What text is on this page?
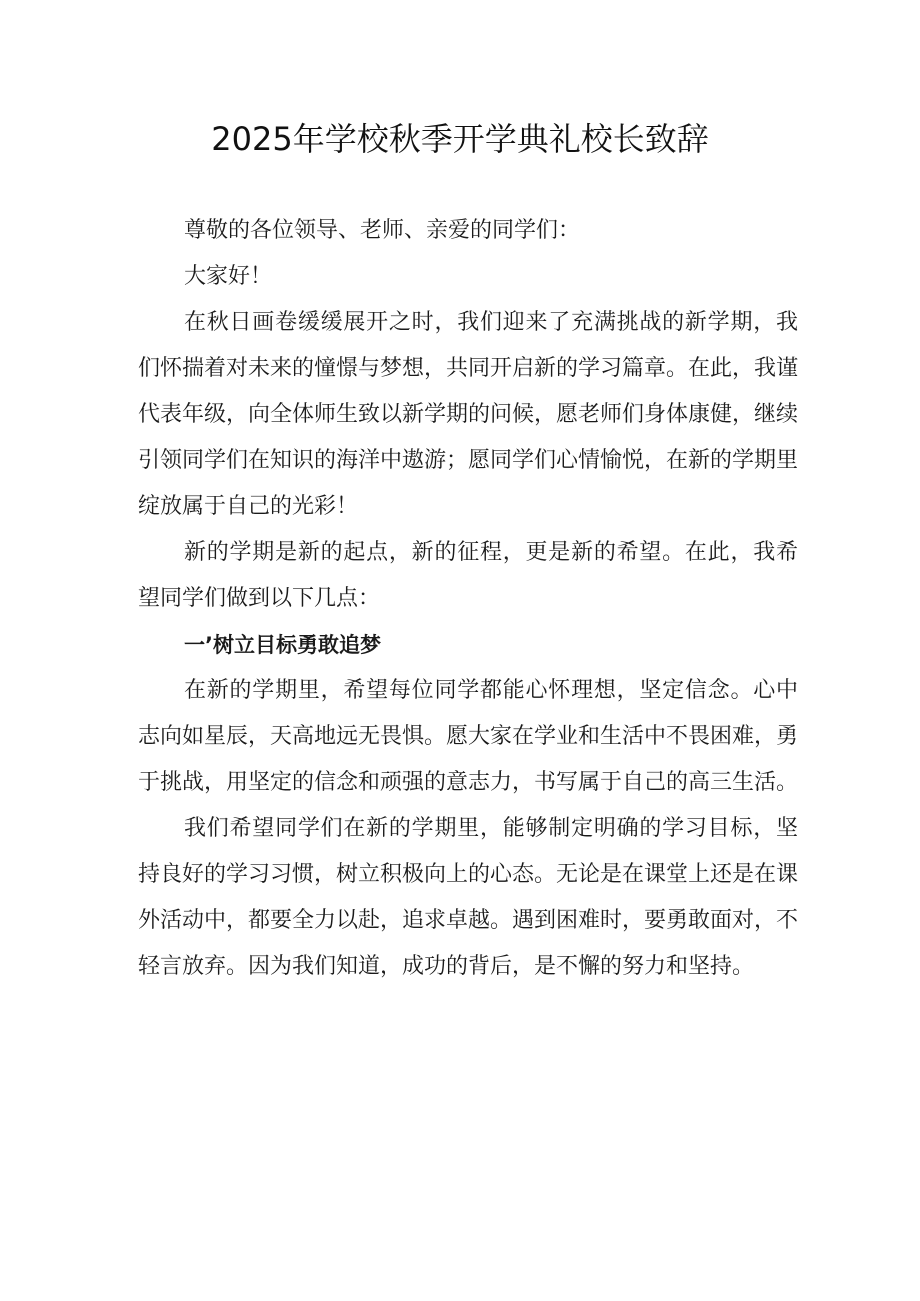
2025年学校秋季开学典礼校长致辞

尊敬的各位领导、老师、亲爱的同学们：

大家好！

在秋日画卷缓缓展开之时，我们迎来了充满挑战的新学期，我们怀揣着对未来的憧憬与梦想，共同开启新的学习篇章。在此，我谨代表年级，向全体师生致以新学期的问候，愿老师们身体康健，继续引领同学们在知识的海洋中遨游；愿同学们心情愉悦，在新的学期里绽放属于自己的光彩！

新的学期是新的起点，新的征程，更是新的希望。在此，我希望同学们做到以下几点：

一’树立目标勇敢追梦

在新的学期里，希望每位同学都能心怀理想，坚定信念。心中志向如星辰，天高地远无畏惧。愿大家在学业和生活中不畏困难，勇于挑战，用坚定的信念和顽强的意志力，书写属于自己的高三生活。

我们希望同学们在新的学期里，能够制定明确的学习目标，坚持良好的学习习惯，树立积极向上的心态。无论是在课堂上还是在课外活动中，都要全力以赴，追求卓越。遇到困难时，要勇敢面对，不轻言放弃。因为我们知道，成功的背后，是不懈的努力和坚持。
